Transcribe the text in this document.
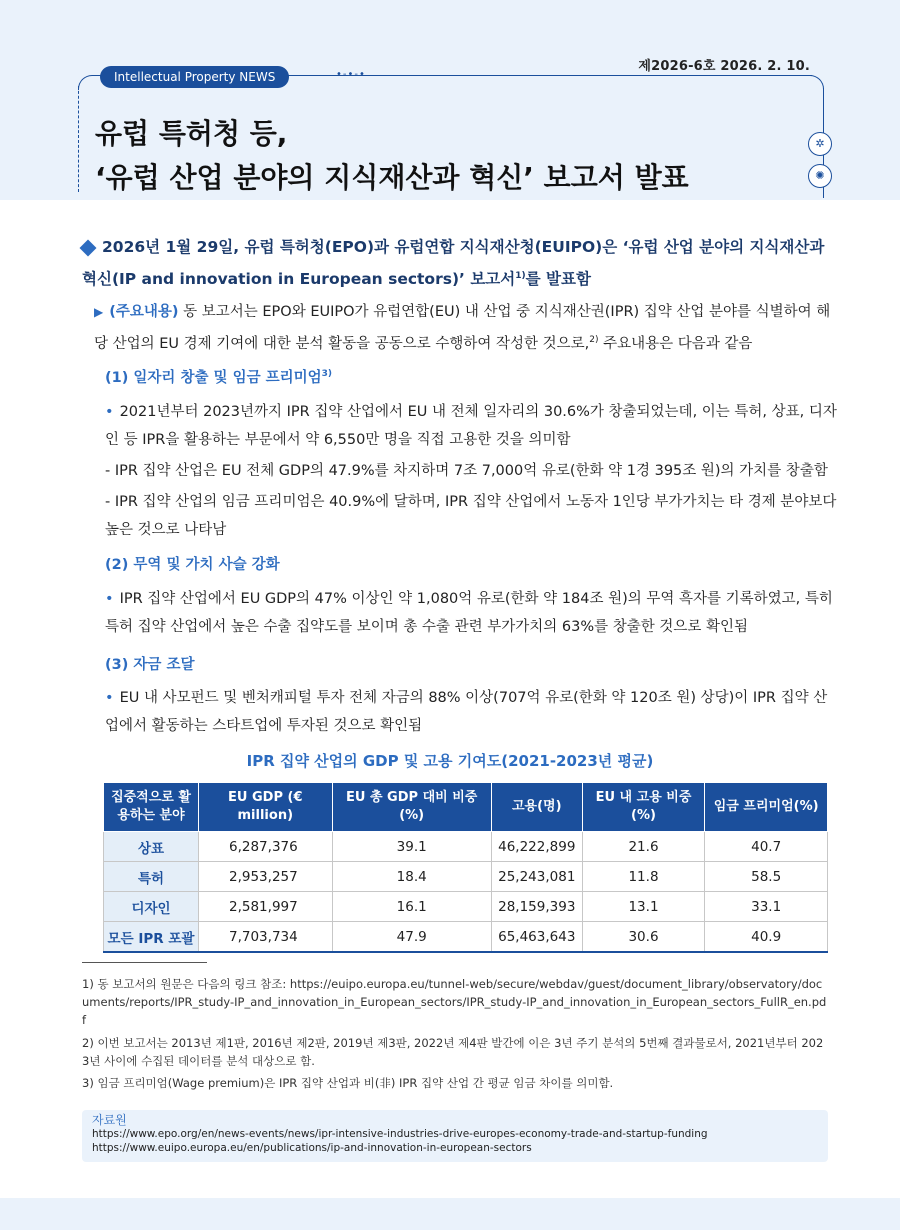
제2026-6호 2026. 2. 10.
•-•-•
Intellectual Property NEWS
유럽 특허청 등,
‘유럽 산업 분야의 지식재산과 혁신’ 보고서 발표
✲
✺
2026년 1월 29일, 유럽 특허청(EPO)과 유럽연합 지식재산청(EUIPO)은 ‘유럽 산업 분야의 지식재산과 혁신(IP and innovation in European sectors)’ 보고서$^{1)}$를 발표함
▶ (주요내용) 동 보고서는 EPO와 EUIPO가 유럽연합(EU) 내 산업 중 지식재산권(IPR) 집약 산업 분야를 식별하여 해당 산업의 EU 경제 기여에 대한 분석 활동을 공동으로 수행하여 작성한 것으로,$^{2)}$ 주요내용은 다음과 같음
(1) 일자리 창출 및 임금 프리미엄$^{3)}$
• 2021년부터 2023년까지 IPR 집약 산업에서 EU 내 전체 일자리의 30.6%가 창출되었는데, 이는 특허, 상표, 디자인 등 IPR을 활용하는 부문에서 약 6,550만 명을 직접 고용한 것을 의미함
- IPR 집약 산업은 EU 전체 GDP의 47.9%를 차지하며 7조 7,000억 유로(한화 약 1경 395조 원)의 가치를 창출함
- IPR 집약 산업의 임금 프리미엄은 40.9%에 달하며, IPR 집약 산업에서 노동자 1인당 부가가치는 타 경제 분야보다 높은 것으로 나타남
(2) 무역 및 가치 사슬 강화
• IPR 집약 산업에서 EU GDP의 47% 이상인 약 1,080억 유로(한화 약 184조 원)의 무역 흑자를 기록하였고, 특히 특허 집약 산업에서 높은 수출 집약도를 보이며 총 수출 관련 부가가치의 63%를 창출한 것으로 확인됨
(3) 자금 조달
• EU 내 사모펀드 및 벤처캐피털 투자 전체 자금의 88% 이상(707억 유로(한화 약 120조 원) 상당)이 IPR 집약 산업에서 활동하는 스타트업에 투자된 것으로 확인됨
IPR 집약 산업의 GDP 및 고용 기여도(2021-2023년 평균)
집중적으로 활용하는 분야	EU GDP (€ million)	EU 총 GDP 대비 비중(%)	고용(명)	EU 내 고용 비중(%)	임금 프리미엄(%)
상표	6,287,376	39.1	46,222,899	21.6	40.7
특허	2,953,257	18.4	25,243,081	11.8	58.5
디자인	2,581,997	16.1	28,159,393	13.1	33.1
모든 IPR 포괄	7,703,734	47.9	65,463,643	30.6	40.9
1) 동 보고서의 원문은 다음의 링크 참조: https://euipo.europa.eu/tunnel-web/secure/webdav/guest/document_library/observatory/documents/reports/IPR_study-IP_and_innovation_in_European_sectors/IPR_study-IP_and_innovation_in_European_sectors_FullR_en.pdf
2) 이번 보고서는 2013년 제1판, 2016년 제2판, 2019년 제3판, 2022년 제4판 발간에 이은 3년 주기 분석의 5번째 결과물로서, 2021년부터 2023년 사이에 수집된 데이터를 분석 대상으로 함.
3) 임금 프리미엄(Wage premium)은 IPR 집약 산업과 비(非) IPR 집약 산업 간 평균 임금 차이를 의미함.
자료원
https://www.epo.org/en/news-events/news/ipr-intensive-industries-drive-europes-economy-trade-and-startup-funding
https://www.euipo.europa.eu/en/publications/ip-and-innovation-in-european-sectors
